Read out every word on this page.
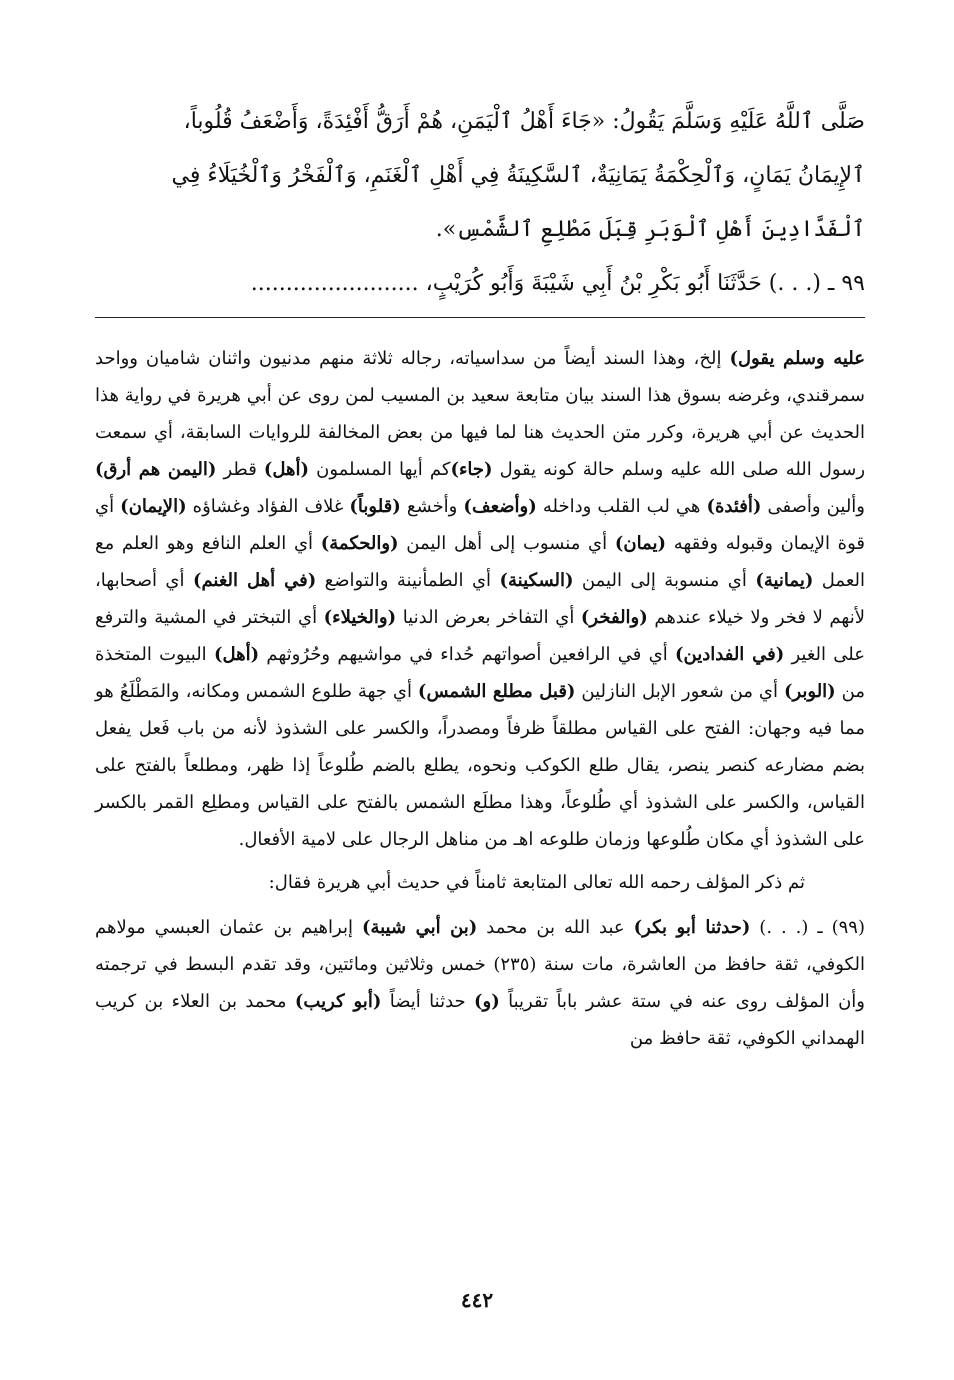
صَلَّى ٱللَّهُ عَلَيْهِ وَسَلَّمَ يَقُولُ: «جَاءَ أَهْلُ ٱلْيَمَنِ، هُمْ أَرَقُّ أَفْئِدَةً، وَأَضْعَفُ قُلُوباً،

ٱلإِيمَانُ يَمَانٍ، وَٱلْحِكْمَةُ يَمَانِيَةٌ، ٱلسَّكِينَةُ فِي أَهْلِ ٱلْغَنَمِ، وَٱلْفَخْرُ وَٱلْخُيَلَاءُ فِي

ٱلْفَدَّادِينَ أَهْلِ ٱلْوَبَرِ قِبَلَ مَطْلِعِ ٱلشَّمْسِ».

٩٩ ـ (. . .) حَدَّثَنَا أَبُو بَكْرِ بْنُ أَبِي شَيْبَةَ وَأَبُو كُرَيْبٍ، ........................

عليه وسلم يقول) إلخ، وهذا السند أيضاً من سداسياته، رجاله ثلاثة منهم مدنيون واثنان شاميان وواحد سمرقندي، وغرضه بسوق هذا السند بيان متابعة سعيد بن المسيب لمن روى عن أبي هريرة في رواية هذا الحديث عن أبي هريرة، وكرر متن الحديث هنا لما فيها من بعض المخالفة للروايات السابقة، أي سمعت رسول الله صلى الله عليه وسلم حالة كونه يقول (جاء)كم أيها المسلمون (أهل) قطر (اليمن هم أرق) وألين وأصفى (أفئدة) هي لب القلب وداخله (وأضعف) وأخشع (قلوباً) غلاف الفؤاد وغشاؤه (الإيمان) أي قوة الإيمان وقبوله وفقهه (يمان) أي منسوب إلى أهل اليمن (والحكمة) أي العلم النافع وهو العلم مع العمل (يمانية) أي منسوبة إلى اليمن (السكينة) أي الطمأنينة والتواضع (في أهل الغنم) أي أصحابها، لأنهم لا فخر ولا خيلاء عندهم (والفخر) أي التفاخر بعرض الدنيا (والخيلاء) أي التبختر في المشية والترفع على الغير (في الفدادين) أي في الرافعين أصواتهم حُداء في مواشيهم وحُرُوثهم (أهل) البيوت المتخذة من (الوبر) أي من شعور الإبل النازلين (قبل مطلع الشمس) أي جهة طلوع الشمس ومكانه، والمَطْلَعُ هو مما فيه وجهان: الفتح على القياس مطلقاً ظرفاً ومصدراً، والكسر على الشذوذ لأنه من باب فَعل يفعل بضم مضارعه كنصر ينصر، يقال طلع الكوكب ونحوه، يطلع بالضم طُلوعاً إذا ظهر، ومطلعاً بالفتح على القياس، والكسر على الشذوذ أي طُلوعاً، وهذا مطلَع الشمس بالفتح على القياس ومطلِع القمر بالكسر على الشذوذ أي مكان طُلوعها وزمان طلوعه اهـ من مناهل الرجال على لامية الأفعال.

ثم ذكر المؤلف رحمه الله تعالى المتابعة ثامناً في حديث أبي هريرة فقال:

(٩٩) ـ (. . .) (حدثنا أبو بكر) عبد الله بن محمد (بن أبي شيبة) إبراهيم بن عثمان العبسي مولاهم الكوفي، ثقة حافظ من العاشرة، مات سنة (٢٣٥) خمس وثلاثين ومائتين، وقد تقدم البسط في ترجمته وأن المؤلف روى عنه في ستة عشر باباً تقريباً (و) حدثنا أيضاً (أبو كريب) محمد بن العلاء بن كريب الهمداني الكوفي، ثقة حافظ من

٤٤٢
